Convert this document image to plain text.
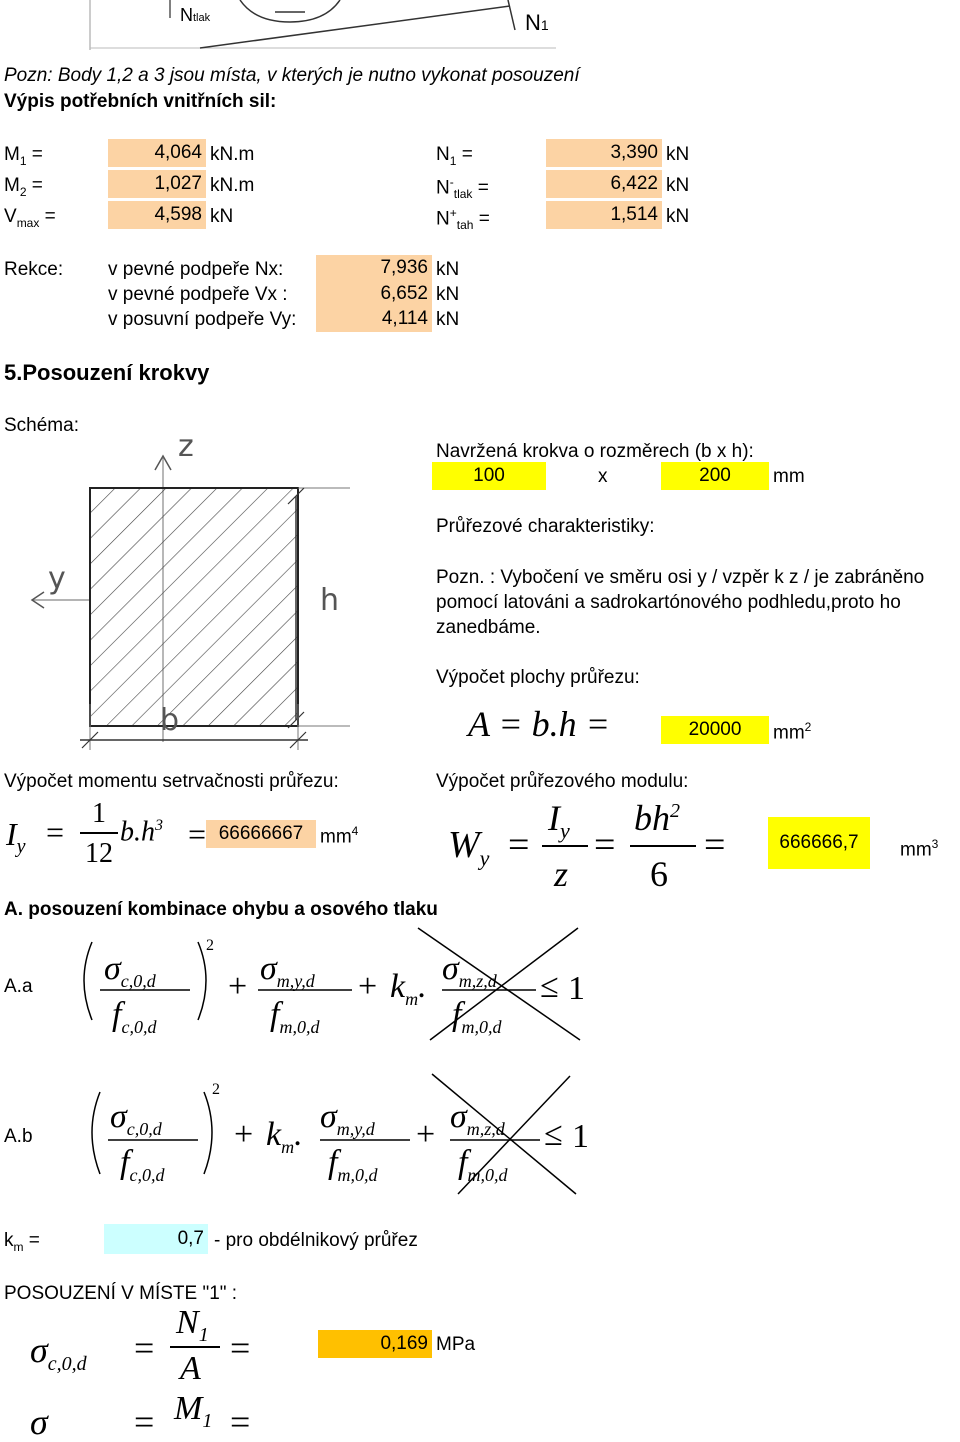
Ntlak	N1
Pozn: Body 1,2 a 3 jsou místa, v kterých je nutno vykonat posouzení
Výpis potřebních vnitřních sil:
$M_1$ =	4,064 kN.m
$M_2$ =	1,027 kN.m
$V_{max}$ =	4,598 kN
$N_1$ =	3,390 kN
$N^-_{tlak}$ =	6,422 kN
$N^+_{tah}$ =	1,514 kN
Rekce: v pevné podpeře Nx:	7,936 kN
v pevné podpeře Vx :	6,652 kN
v posuvní podpeře Vy:	4,114 kN
5.Posouzení krokvy
Schéma:
z
y
h
b
Navržená krokva o rozměrech (b x h):
100	x	200	mm
Průřezové charakteristiky:
Pozn. : Vybočení ve směru osi y / vzpěr k z / je zabráněno
pomocí latováni a sadrokartónového podhledu,proto ho
zanedbáme.
Výpočet plochy průřezu:
A = b.h =	20000	$mm^2$
Výpočet momentu setrvačnosti průřezu:
$I_y$ =
1
12
$b.h^3 = 66666667$ $mm^4$
Výpočet průřezového modulu:
$W_y$ =
$I_y$
z
=
$bh^2$
6
=	666666,7	$mm^3$
A. posouzení kombinace ohybu a osového tlaku
A.a $\sigma_{c,0,d}$
$f_{c,0,d}$
2
+ $\sigma_{m,y,d}$
$f_{m,0,d}$
+ $k_m$. $\sigma_{m,z,d}$
$f_{m,0,d}$
≤ 1
A.b
$\sigma_{c,0,d}$
$f_{c,0,d}$
2
+ $k_m$. $\sigma_{m,y,d}$
$f_{m,0,d}$
+ $\sigma_{m,z,d}$
$f_{m,0,d}$
≤ 1
$k_m$ =	0,7 - pro obdélnikový průřez
POSOUZENÍ V MÍSTE "1" :
$\sigma_{c,0,d}$ =
$N_1$
A
=	0,169 MPa
$M_1$
= =
σ
